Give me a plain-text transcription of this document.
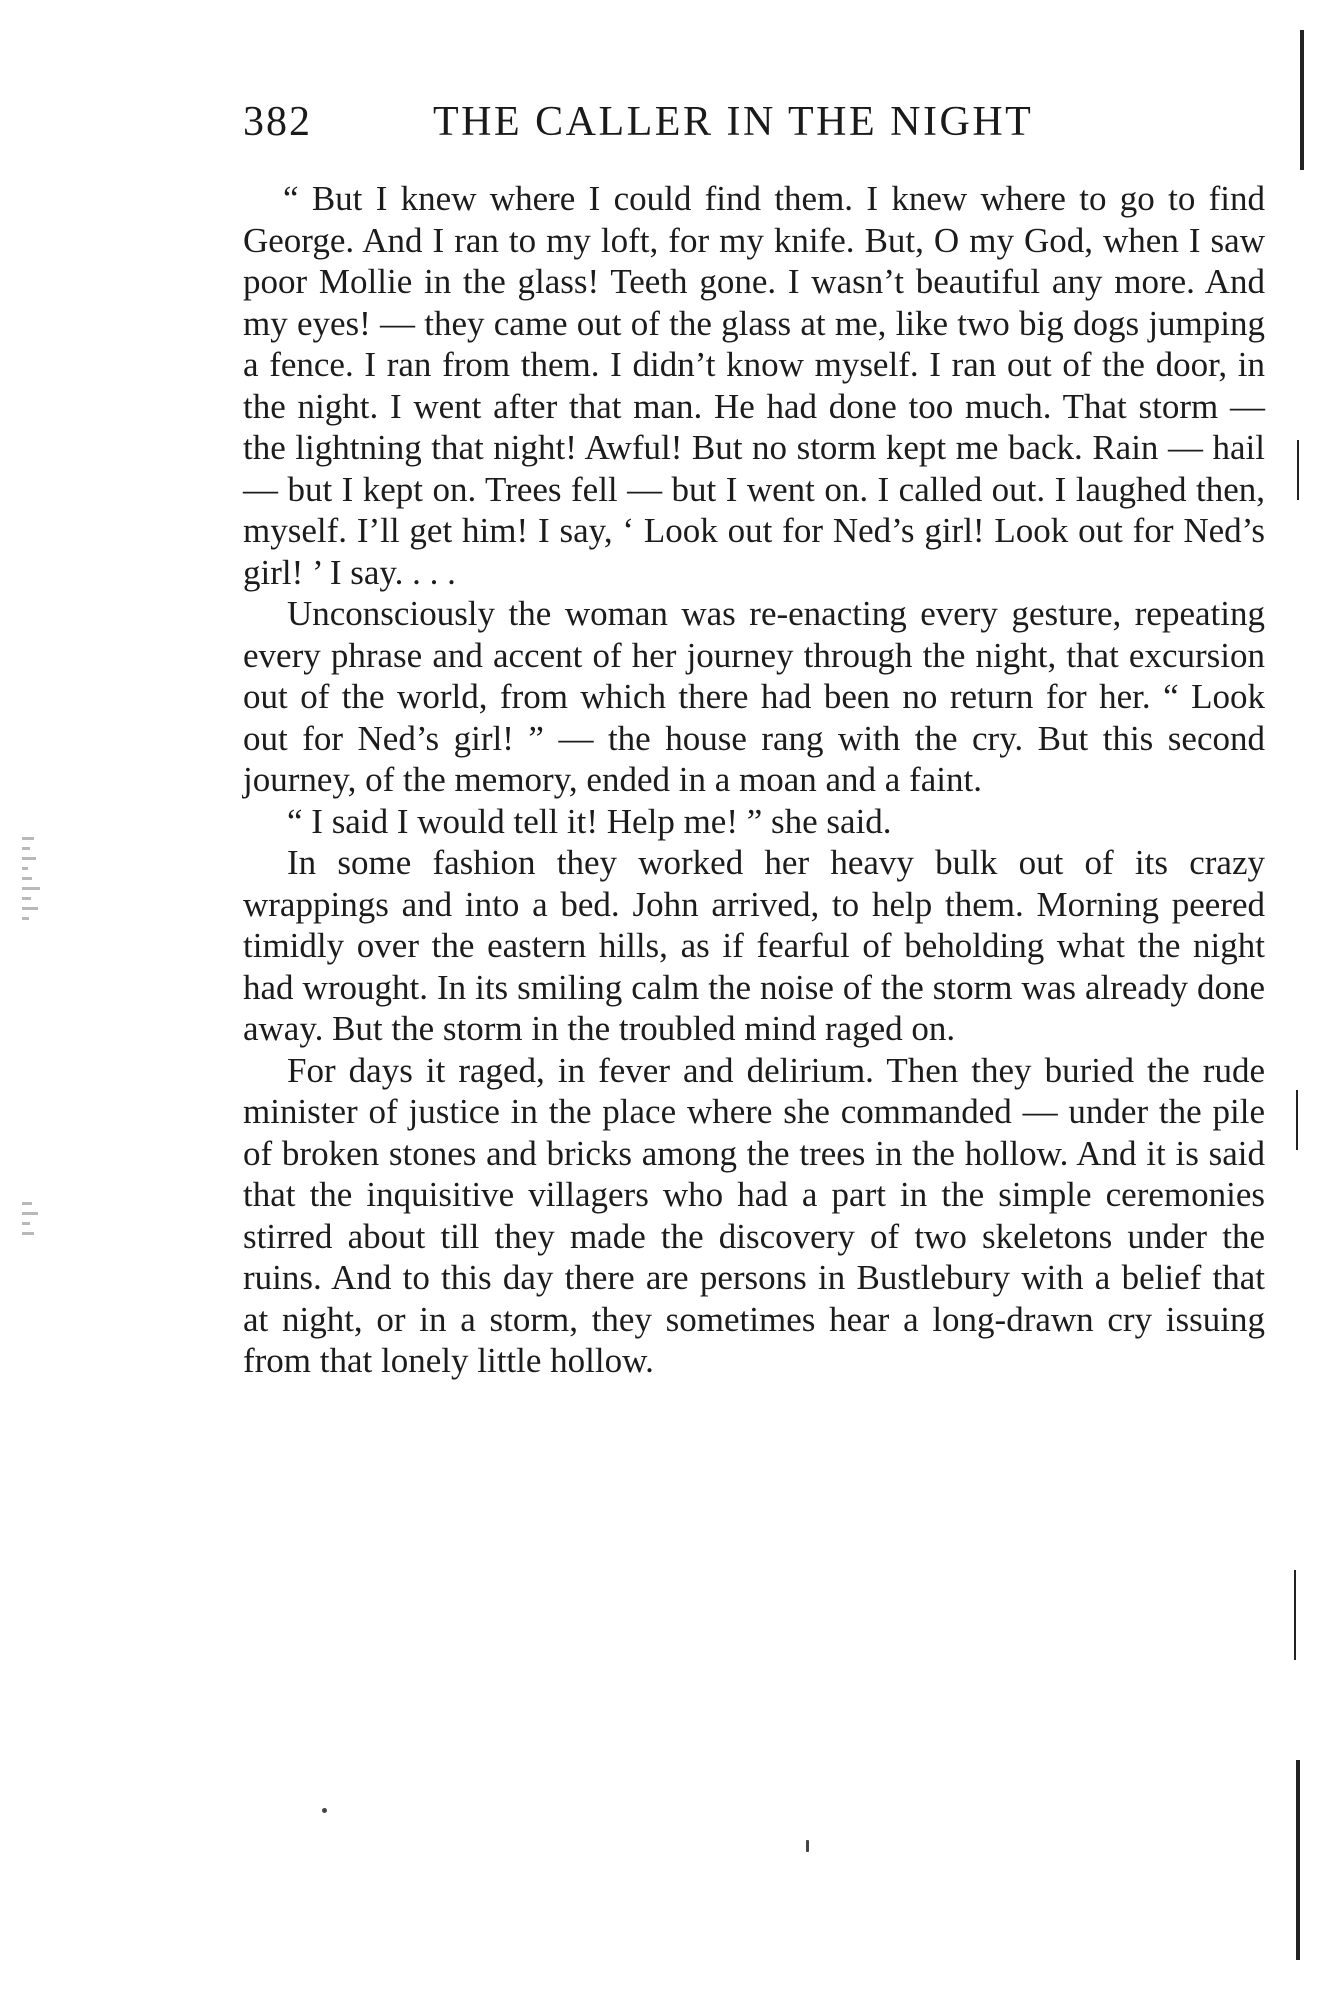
382	THE CALLER IN THE NIGHT

“ But I knew where I could find them. I knew where to go to find George. And I ran to my loft, for my knife. But, O my God, when I saw poor Mollie in the glass! Teeth gone. I wasn’t beautiful any more. And my eyes! — they came out of the glass at me, like two big dogs jumping a fence. I ran from them. I didn’t know myself. I ran out of the door, in the night. I went after that man. He had done too much. That storm — the lightning that night! Awful! But no storm kept me back. Rain — hail — but I kept on. Trees fell — but I went on. I called out. I laughed then, myself. I’ll get him! I say, ‘ Look out for Ned’s girl! Look out for Ned’s girl! ’ I say. . . .

Unconsciously the woman was re-enacting every gesture, repeating every phrase and accent of her journey through the night, that excursion out of the world, from which there had been no return for her. “ Look out for Ned’s girl! ” — the house rang with the cry. But this second journey, of the memory, ended in a moan and a faint.

“ I said I would tell it! Help me! ” she said.

In some fashion they worked her heavy bulk out of its crazy wrappings and into a bed. John arrived, to help them. Morning peered timidly over the eastern hills, as if fearful of beholding what the night had wrought. In its smiling calm the noise of the storm was already done away. But the storm in the troubled mind raged on.

For days it raged, in fever and delirium. Then they buried the rude minister of justice in the place where she commanded — under the pile of broken stones and bricks among the trees in the hollow. And it is said that the inquisitive villagers who had a part in the simple ceremonies stirred about till they made the discovery of two skeletons under the ruins. And to this day there are persons in Bustlebury with a belief that at night, or in a storm, they sometimes hear a long-drawn cry issuing from that lonely little hollow.
